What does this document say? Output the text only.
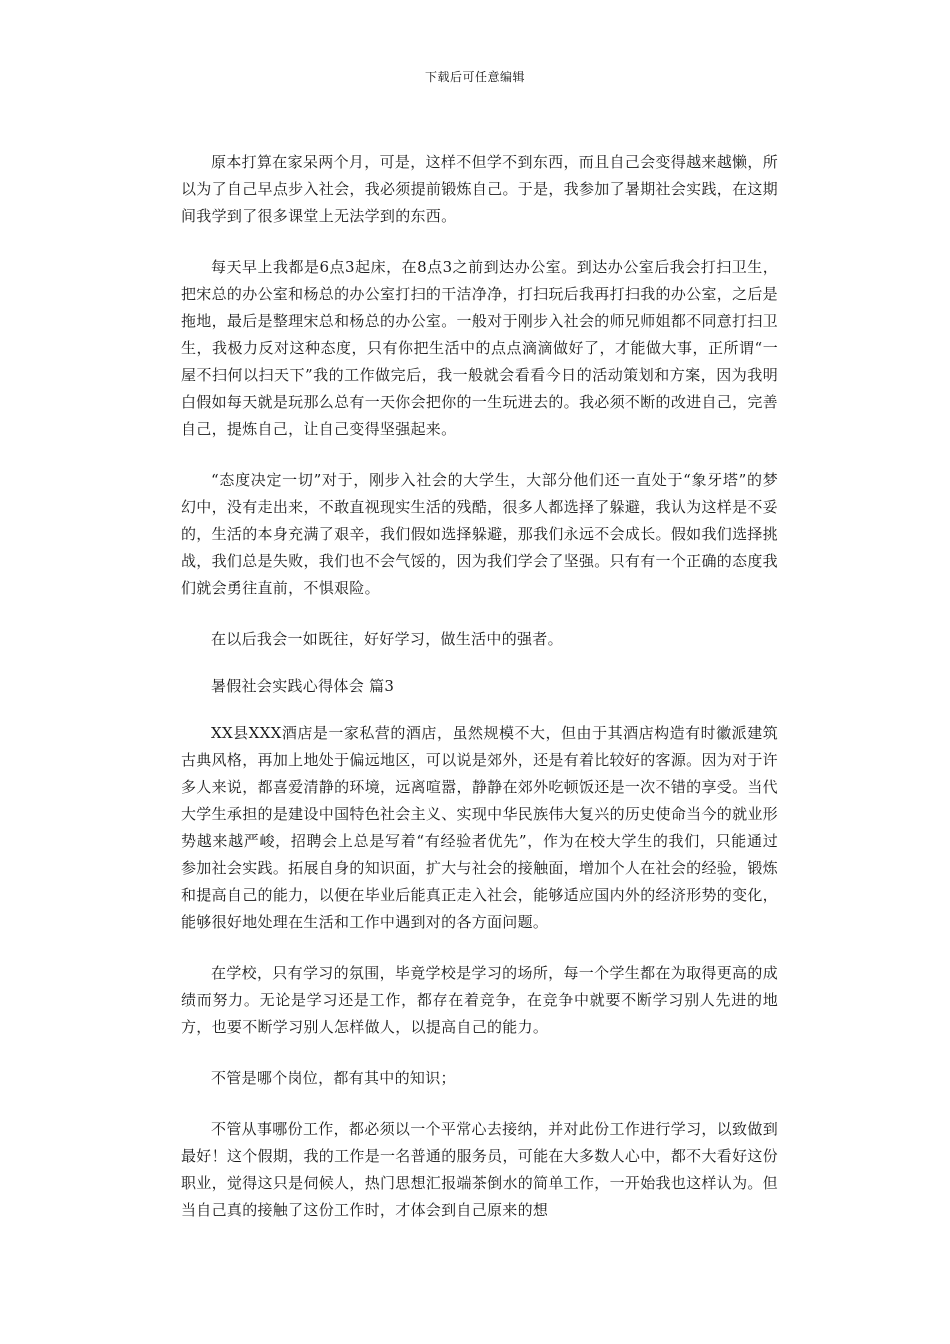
下载后可任意编辑

原本打算在家呆两个月，可是，这样不但学不到东西，而且自己会变得越来越懒，所以为了自己早点步入社会，我必须提前锻炼自己。于是，我参加了暑期社会实践，在这期间我学到了很多课堂上无法学到的东西。

每天早上我都是6点3起床，在8点3之前到达办公室。到达办公室后我会打扫卫生，把宋总的办公室和杨总的办公室打扫的干洁净净，打扫玩后我再打扫我的办公室，之后是拖地，最后是整理宋总和杨总的办公室。一般对于刚步入社会的师兄师姐都不同意打扫卫生，我极力反对这种态度，只有你把生活中的点点滴滴做好了，才能做大事，正所谓“一屋不扫何以扫天下”我的工作做完后，我一般就会看看今日的活动策划和方案，因为我明白假如每天就是玩那么总有一天你会把你的一生玩进去的。我必须不断的改进自己，完善自己，提炼自己，让自己变得坚强起来。

“态度决定一切”对于，刚步入社会的大学生，大部分他们还一直处于“象牙塔”的梦幻中，没有走出来，不敢直视现实生活的残酷，很多人都选择了躲避，我认为这样是不妥的，生活的本身充满了艰辛，我们假如选择躲避，那我们永远不会成长。假如我们选择挑战，我们总是失败，我们也不会气馁的，因为我们学会了坚强。只有有一个正确的态度我们就会勇往直前，不惧艰险。

在以后我会一如既往，好好学习，做生活中的强者。

暑假社会实践心得体会 篇3

XX县XXX酒店是一家私营的酒店，虽然规模不大，但由于其酒店构造有时徽派建筑古典风格，再加上地处于偏远地区，可以说是郊外，还是有着比较好的客源。因为对于许多人来说，都喜爱清静的环境，远离喧嚣，静静在郊外吃顿饭还是一次不错的享受。当代大学生承担的是建设中国特色社会主义、实现中华民族伟大复兴的历史使命当今的就业形势越来越严峻，招聘会上总是写着“有经验者优先”，作为在校大学生的我们，只能通过参加社会实践。拓展自身的知识面，扩大与社会的接触面，增加个人在社会的经验，锻炼和提高自己的能力，以便在毕业后能真正走入社会，能够适应国内外的经济形势的变化，能够很好地处理在生活和工作中遇到对的各方面问题。

在学校，只有学习的氛围，毕竟学校是学习的场所，每一个学生都在为取得更高的成绩而努力。无论是学习还是工作，都存在着竞争，在竞争中就要不断学习别人先进的地方，也要不断学习别人怎样做人，以提高自己的能力。

不管是哪个岗位，都有其中的知识；

不管从事哪份工作，都必须以一个平常心去接纳，并对此份工作进行学习，以致做到最好！这个假期，我的工作是一名普通的服务员，可能在大多数人心中，都不大看好这份职业，觉得这只是伺候人，热门思想汇报端茶倒水的简单工作，一开始我也这样认为。但当自己真的接触了这份工作时，才体会到自己原来的想
